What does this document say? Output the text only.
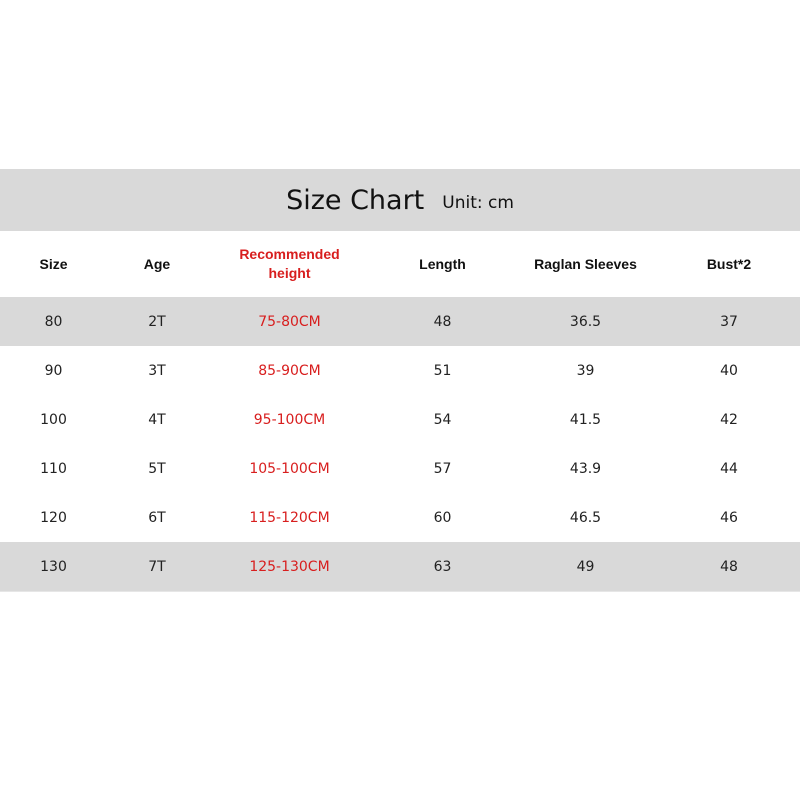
Size Chart Unit: cm
Size	Age	Recommended height	Length	Raglan Sleeves	Bust*2
80	2T	75-80CM	48	36.5	37
90	3T	85-90CM	51	39	40
100	4T	95-100CM	54	41.5	42
110	5T	105-100CM	57	43.9	44
120	6T	115-120CM	60	46.5	46
130	7T	125-130CM	63	49	48
